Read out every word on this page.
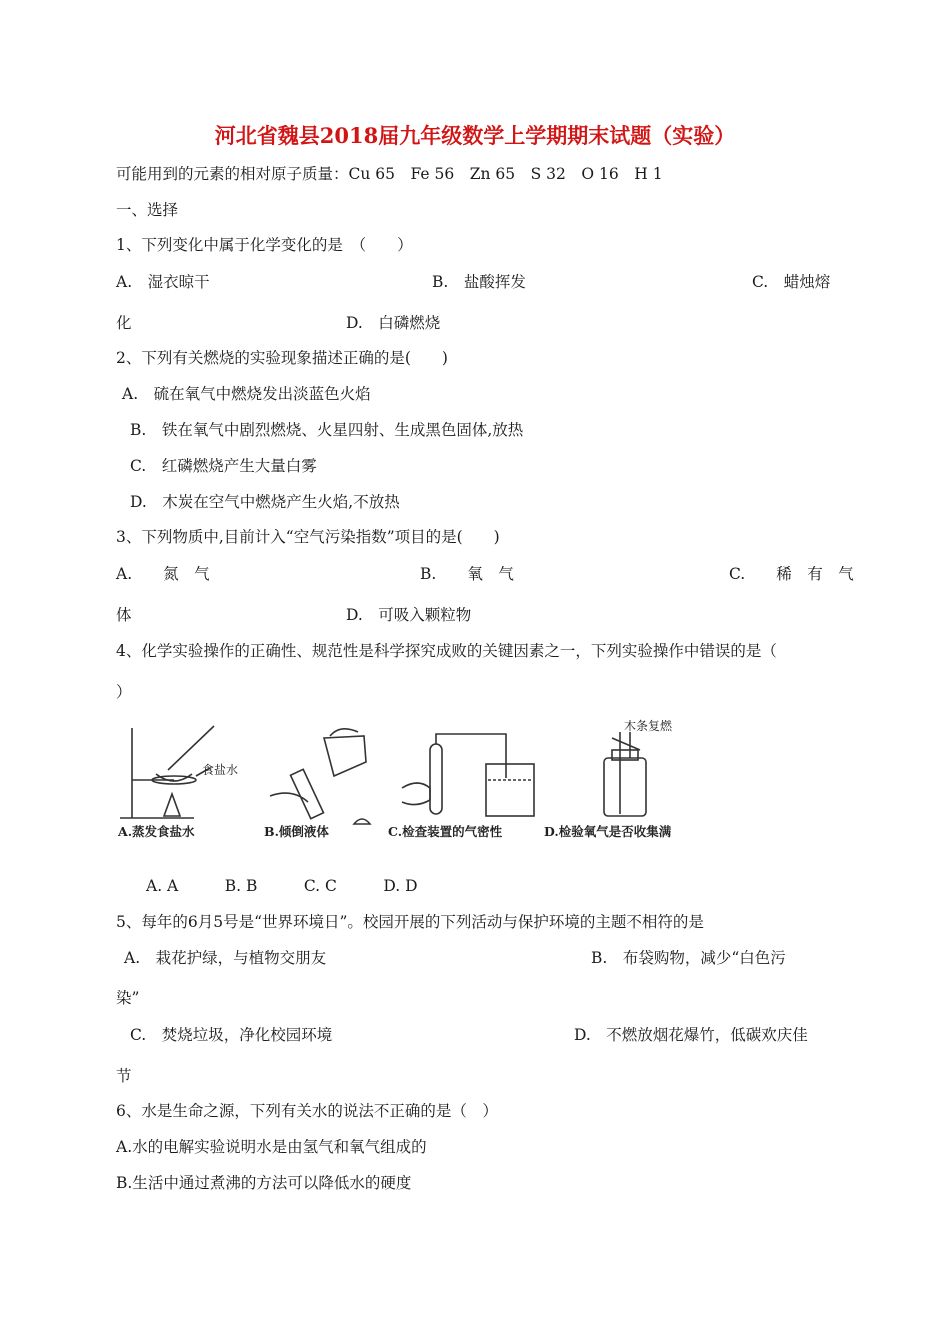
河北省魏县2018届九年级数学上学期期末试题（实验）
可能用到的元素的相对原子质量：Cu 65　Fe 56　Zn 65　S 32　O 16　H 1
一、选择
1、下列变化中属于化学变化的是　（　　）
A.　湿衣晾干	B.　盐酸挥发	C.　蜡烛熔
化	D.　白磷燃烧
2、下列有关燃烧的实验现象描述正确的是(　　)
A.　硫在氧气中燃烧发出淡蓝色火焰
B.　铁在氧气中剧烈燃烧、火星四射、生成黑色固体,放热
C.　红磷燃烧产生大量白雾
D.　木炭在空气中燃烧产生火焰,不放热
3、下列物质中,目前计入“空气污染指数”项目的是(　　)
A.　　氮　气	B.　　氧　气	C.　　稀　有　气
体	D.　可吸入颗粒物
4、化学实验操作的正确性、规范性是科学探究成败的关键因素之一，下列实验操作中错误的是（
）
食盐水
木条复燃
A.蒸发食盐水	B.倾倒液体	C.检查装置的气密性	D.检验氧气是否收集满
A. A　　　B. B　　　C. C　　　D. D
5、每年的6月5号是“世界环境日”。校园开展的下列活动与保护环境的主题不相符的是
A.　栽花护绿，与植物交朋友	B.　布袋购物，减少“白色污
染”
C.　焚烧垃圾，净化校园环境	D.　不燃放烟花爆竹，低碳欢庆佳
节
6、水是生命之源，下列有关水的说法不正确的是（　）
A.水的电解实验说明水是由氢气和氧气组成的
B.生活中通过煮沸的方法可以降低水的硬度
